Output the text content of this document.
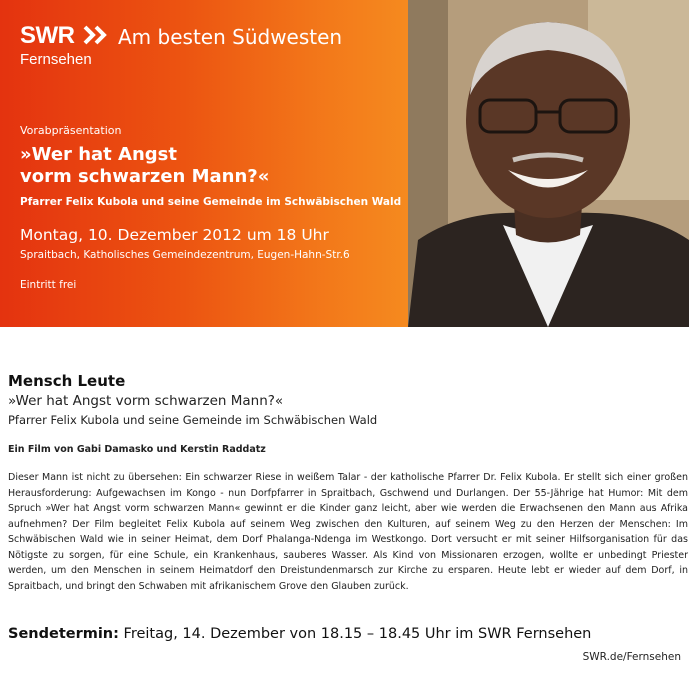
SWR
Fernsehen
Am besten Südwesten
Vorabpräsentation
»Wer hat Angst
vorm schwarzen Mann?«
Pfarrer Felix Kubola und seine Gemeinde im Schwäbischen Wald
Montag, 10. Dezember 2012 um 18 Uhr
Spraitbach, Katholisches Gemeindezentrum, Eugen-Hahn-Str.6
Eintritt frei
Mensch Leute
»Wer hat Angst vorm schwarzen Mann?«
Pfarrer Felix Kubola und seine Gemeinde im Schwäbischen Wald
Ein Film von Gabi Damasko und Kerstin Raddatz
Dieser Mann ist nicht zu übersehen: Ein schwarzer Riese in weißem Talar - der katholische Pfarrer Dr. Felix Kubola. Er stellt sich einer großen Herausforderung: Aufgewachsen im Kongo - nun Dorfpfarrer in Spraitbach, Gschwend und Durlangen. Der 55-Jährige hat Humor: Mit dem Spruch »Wer hat Angst vorm schwarzen Mann« gewinnt er die Kinder ganz leicht, aber wie werden die Erwachsenen den Mann aus Afrika aufnehmen? Der Film begleitet Felix Kubola auf seinem Weg zwischen den Kulturen, auf seinem Weg zu den Herzen der Menschen: Im Schwäbischen Wald wie in seiner Heimat, dem Dorf Phalanga-Ndenga im Westkongo. Dort versucht er mit seiner Hilfsorganisation für das Nötigste zu sorgen, für eine Schule, ein Krankenhaus, sauberes Wasser. Als Kind von Missionaren erzogen, wollte er unbedingt Priester werden, um den Menschen in seinem Heimatdorf den Dreistundenmarsch zur Kirche zu ersparen. Heute lebt er wieder auf dem Dorf, in Spraitbach, und bringt den Schwaben mit afrikanischem Grove den Glauben zurück.
Sendetermin: Freitag, 14. Dezember von 18.15 – 18.45 Uhr im SWR Fernsehen
SWR.de/Fernsehen
